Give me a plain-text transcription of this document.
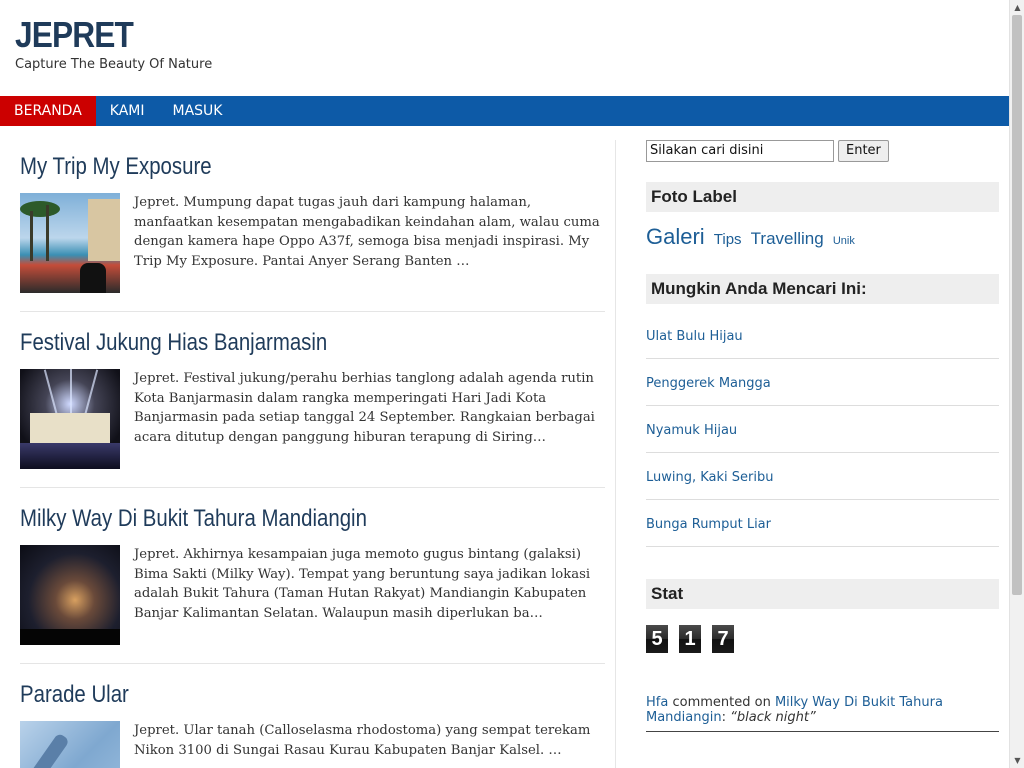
JEPRET
Capture The Beauty Of Nature
BERANDA	KAMI	MASUK
My Trip My Exposure
Jepret. Mumpung dapat tugas jauh dari kampung halaman, manfaatkan kesempatan mengabadikan keindahan alam, walau cuma dengan kamera hape Oppo A37f, semoga bisa menjadi inspirasi. My Trip My Exposure. Pantai Anyer Serang Banten …
Festival Jukung Hias Banjarmasin
Jepret. Festival jukung/perahu berhias tanglong adalah agenda rutin Kota Banjarmasin dalam rangka memperingati Hari Jadi Kota Banjarmasin pada setiap tanggal 24 September. Rangkaian berbagai acara ditutup dengan panggung hiburan terapung di Siring…
Milky Way Di Bukit Tahura Mandiangin
Jepret. Akhirnya kesampaian juga memoto gugus bintang (galaksi) Bima Sakti (Milky Way). Tempat yang beruntung saya jadikan lokasi adalah Bukit Tahura (Taman Hutan Rakyat) Mandiangin Kabupaten Banjar Kalimantan Selatan. Walaupun masih diperlukan ba…
Parade Ular
Jepret. Ular tanah (Calloselasma rhodostoma) yang sempat terekam Nikon 3100 di Sungai Rasau Kurau Kabupaten Banjar Kalsel. …
Silakan cari disini
Enter
Foto Label
Galeri Tips Travelling Unik
Mungkin Anda Mencari Ini:
Ulat Bulu Hijau
Penggerek Mangga
Nyamuk Hijau
Luwing, Kaki Seribu
Bunga Rumput Liar
Stat
5 1 7
Hfa commented on Milky Way Di Bukit Tahura Mandiangin: “black night”
▲
▼
